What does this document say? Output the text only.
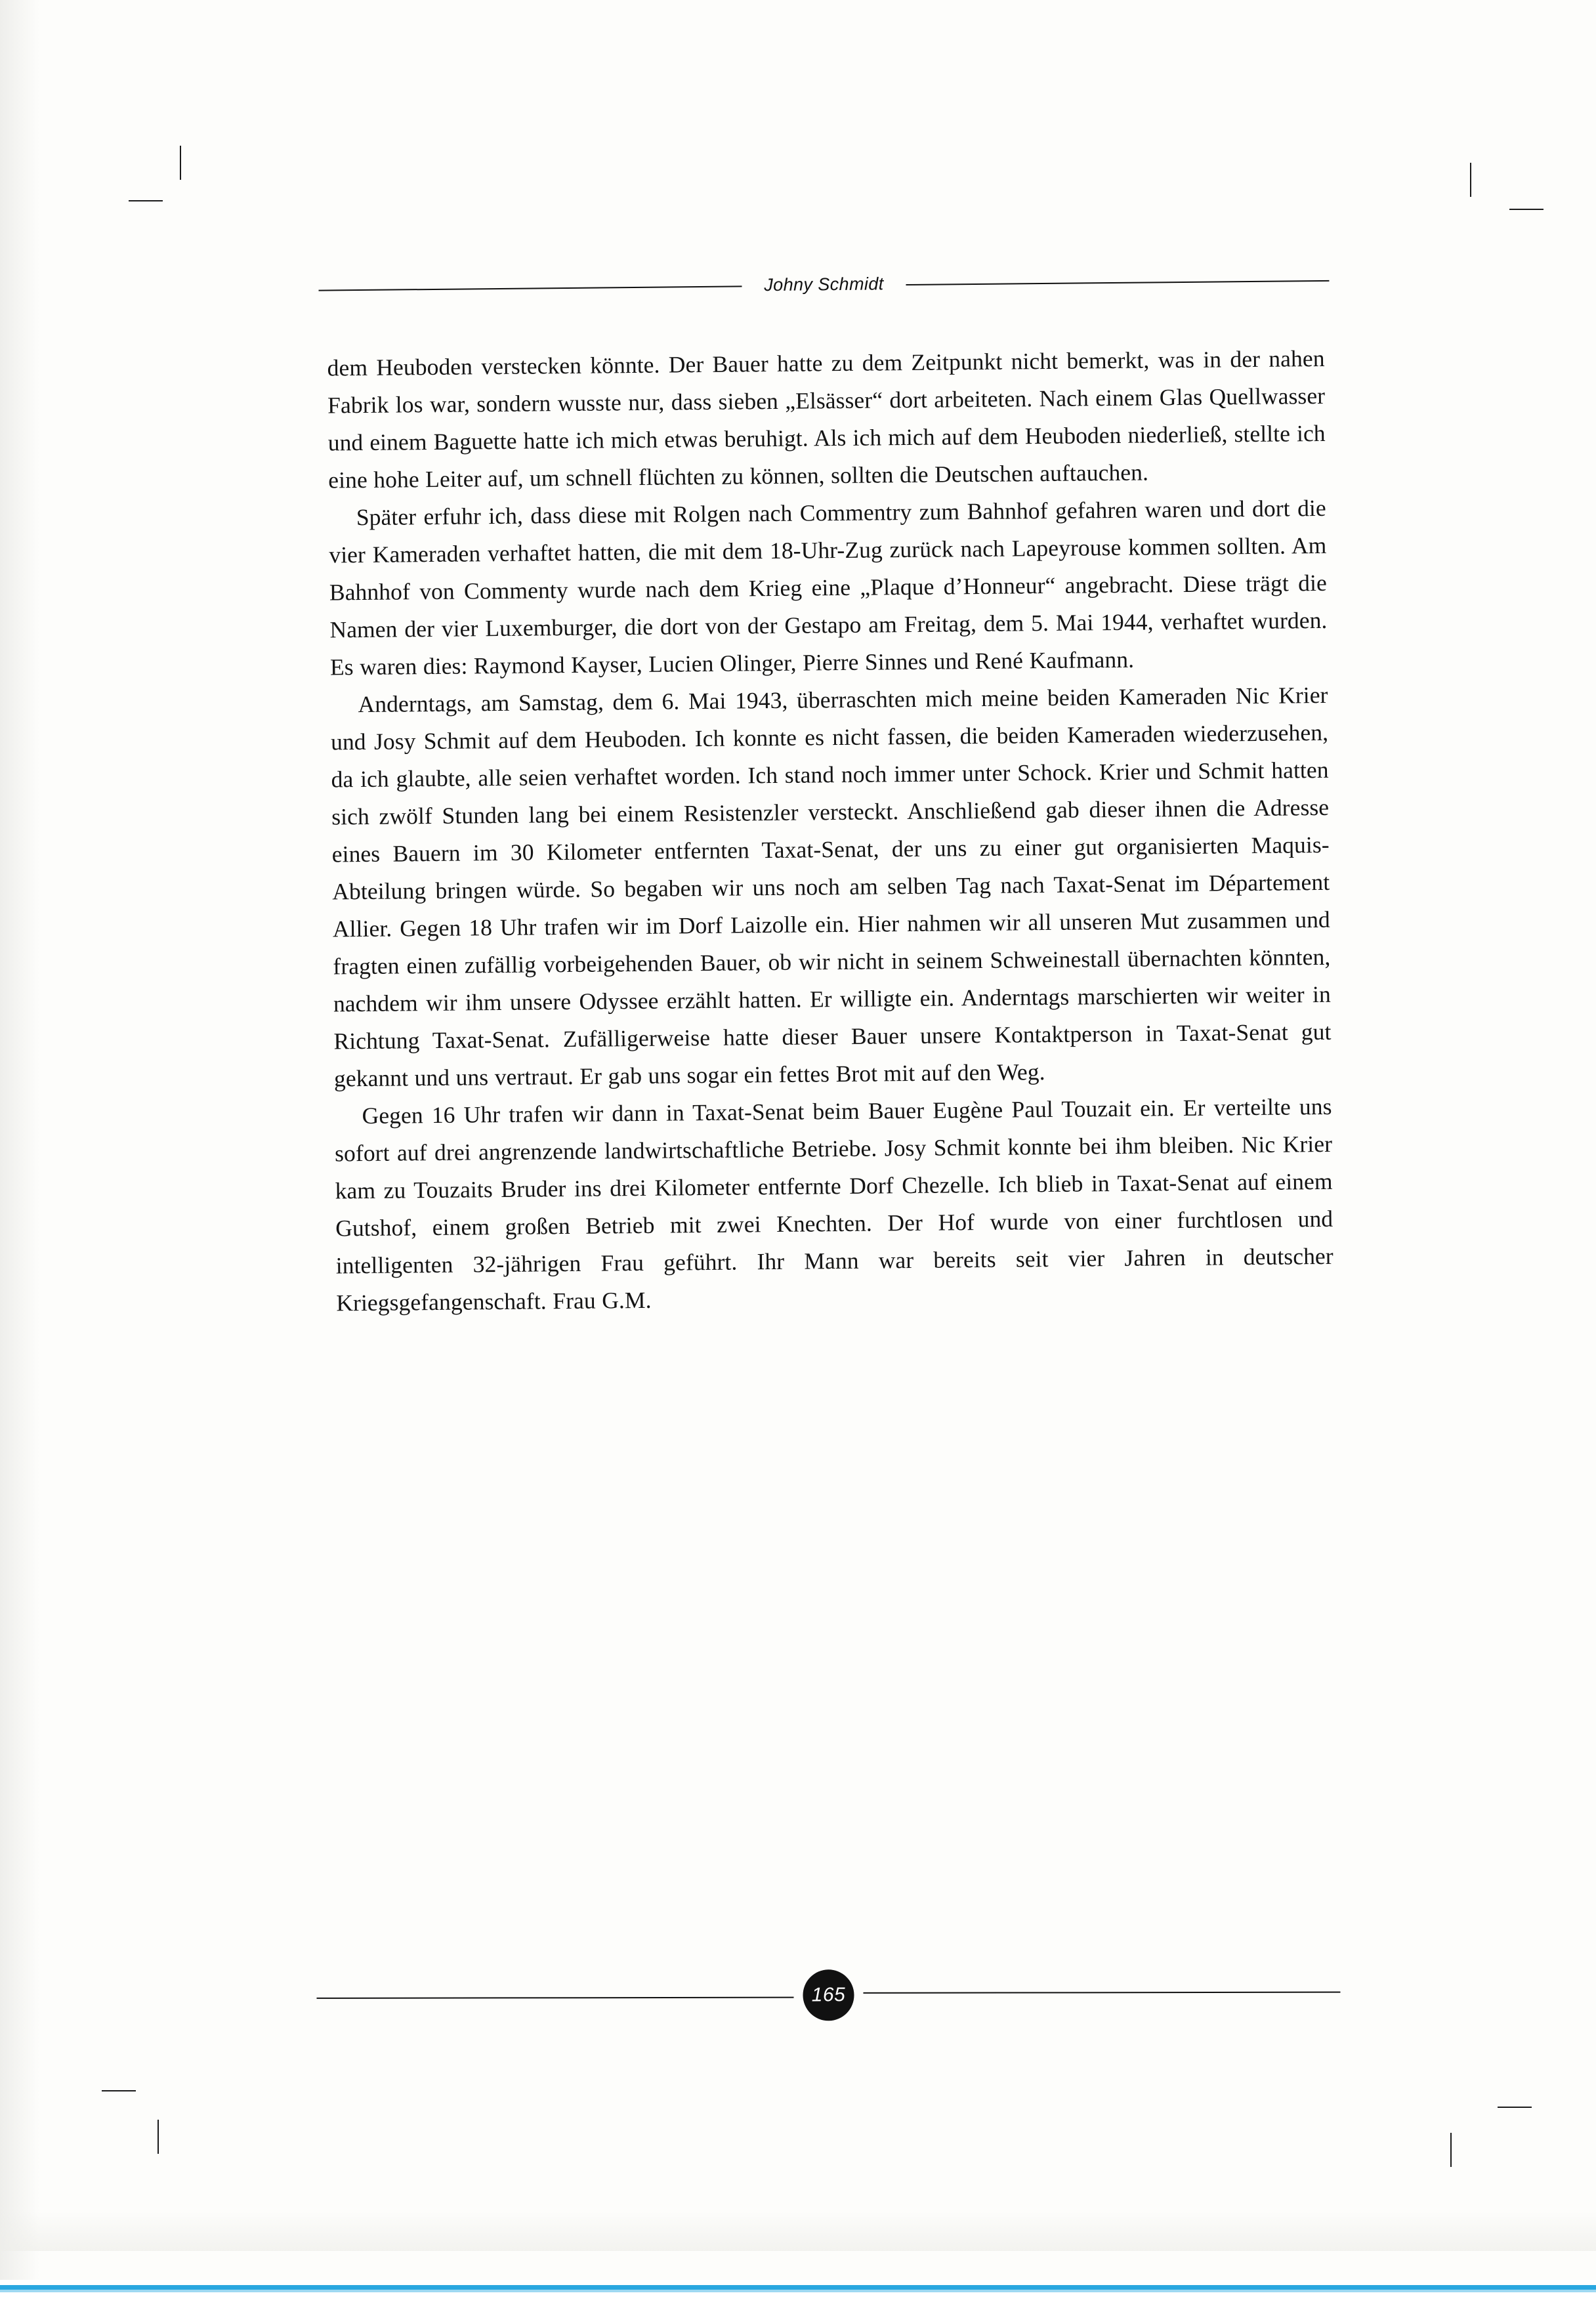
Johny Schmidt

dem Heuboden verstecken könnte. Der Bauer hatte zu dem Zeitpunkt nicht bemerkt, was in der nahen Fabrik los war, sondern wusste nur, dass sieben „Elsässer“ dort arbeiteten. Nach einem Glas Quellwasser und einem Baguette hatte ich mich etwas beruhigt. Als ich mich auf dem Heuboden niederließ, stellte ich eine hohe Leiter auf, um schnell flüchten zu können, sollten die Deutschen auftauchen.

Später erfuhr ich, dass diese mit Rolgen nach Commentry zum Bahnhof gefahren waren und dort die vier Kameraden verhaftet hatten, die mit dem 18-Uhr-Zug zurück nach Lapeyrouse kommen sollten. Am Bahnhof von Commenty wurde nach dem Krieg eine „Plaque d’Honneur“ angebracht. Diese trägt die Namen der vier Luxemburger, die dort von der Gestapo am Freitag, dem 5. Mai 1944, verhaftet wurden. Es waren dies: Raymond Kayser, Lucien Olinger, Pierre Sinnes und René Kaufmann.

Anderntags, am Samstag, dem 6. Mai 1943, überraschten mich meine beiden Kameraden Nic Krier und Josy Schmit auf dem Heuboden. Ich konnte es nicht fassen, die beiden Kameraden wiederzusehen, da ich glaubte, alle seien verhaftet worden. Ich stand noch immer unter Schock. Krier und Schmit hatten sich zwölf Stunden lang bei einem Resistenzler versteckt. Anschließend gab dieser ihnen die Adresse eines Bauern im 30 Kilometer entfernten Taxat-Senat, der uns zu einer gut organisierten Maquis-Abteilung bringen würde. So begaben wir uns noch am selben Tag nach Taxat-Senat im Département Allier. Gegen 18 Uhr trafen wir im Dorf Laizolle ein. Hier nahmen wir all unseren Mut zusammen und fragten einen zufällig vorbeigehenden Bauer, ob wir nicht in seinem Schweinestall übernachten könnten, nachdem wir ihm unsere Odyssee erzählt hatten. Er willigte ein. Anderntags marschierten wir weiter in Richtung Taxat-Senat. Zufälligerweise hatte dieser Bauer unsere Kontaktperson in Taxat-Senat gut gekannt und uns vertraut. Er gab uns sogar ein fettes Brot mit auf den Weg.

Gegen 16 Uhr trafen wir dann in Taxat-Senat beim Bauer Eugène Paul Touzait ein. Er verteilte uns sofort auf drei angrenzende landwirtschaftliche Betriebe. Josy Schmit konnte bei ihm bleiben. Nic Krier kam zu Touzaits Bruder ins drei Kilometer entfernte Dorf Chezelle. Ich blieb in Taxat-Senat auf einem Gutshof, einem großen Betrieb mit zwei Knechten. Der Hof wurde von einer furchtlosen und intelligenten 32-jährigen Frau geführt. Ihr Mann war bereits seit vier Jahren in deutscher Kriegsgefangenschaft. Frau G.M.

165
